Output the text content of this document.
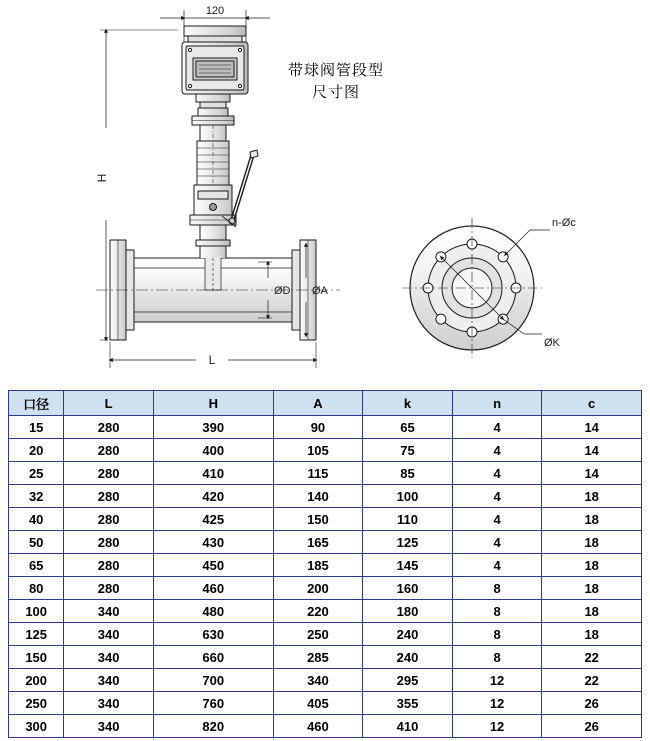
120
H
L
ØD ØA
n-Øc
ØK
带球阀管段型
尺寸图
口径	L	H	A	k	n	c
15	280	390	90	65	4	14
20	280	400	105	75	4	14
25	280	410	115	85	4	14
32	280	420	140	100	4	18
40	280	425	150	110	4	18
50	280	430	165	125	4	18
65	280	450	185	145	4	18
80	280	460	200	160	8	18
100	340	480	220	180	8	18
125	340	630	250	240	8	18
150	340	660	285	240	8	22
200	340	700	340	295	12	22
250	340	760	405	355	12	26
300	340	820	460	410	12	26
